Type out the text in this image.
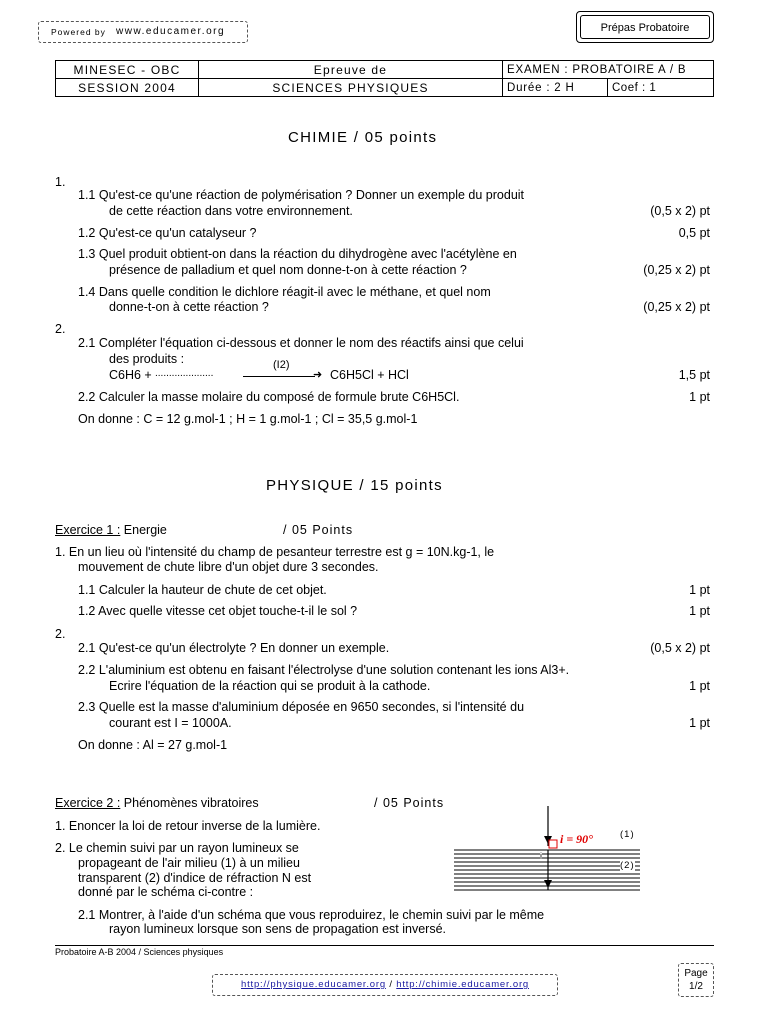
Powered by www.educamer.org	Prépas Probatoire
MINESEC - OBC	Epreuve de	EXAMEN : PROBATOIRE A / B	
SESSION 2004	SCIENCES PHYSIQUES	Durée : 2 H	Coef : 1
CHIMIE / 05 points
1.
1.1 Qu'est-ce qu'une réaction de polymérisation ? Donner un exemple du produit
de cette réaction dans votre environnement.	(0,5 x 2) pt
1.2 Qu'est-ce qu'un catalyseur ?	0,5 pt
1.3 Quel produit obtient-on dans la réaction du dihydrogène avec l'acétylène en
présence de palladium et quel nom donne-t-on à cette réaction ?	(0,25 x 2) pt
1.4 Dans quelle condition le dichlore réagit-il avec le méthane, et quel nom
donne-t-on à cette réaction ?	(0,25 x 2) pt
2.
2.1 Compléter l'équation ci-dessous et donner le nom des réactifs ainsi que celui
des produits :
C6H6 + .....................
(I2)
➜ C6H5Cl + HCl	1,5 pt
2.2 Calculer la masse molaire du composé de formule brute C6H5Cl.	1 pt
On donne : C = 12 g.mol-1 ; H = 1 g.mol-1 ; Cl = 35,5 g.mol-1
PHYSIQUE / 15 points
Exercice 1 : Energie	/ 05 Points
1. En un lieu où l'intensité du champ de pesanteur terrestre est g = 10N.kg-1, le
mouvement de chute libre d'un objet dure 3 secondes.
1.1 Calculer la hauteur de chute de cet objet.	1 pt
1.2 Avec quelle vitesse cet objet touche-t-il le sol ?	1 pt
2.
2.1 Qu'est-ce qu'un électrolyte ? En donner un exemple.	(0,5 x 2) pt
2.2 L'aluminium est obtenu en faisant l'électrolyse d'une solution contenant les ions Al3+.
Ecrire l'équation de la réaction qui se produit à la cathode.	1 pt
2.3 Quelle est la masse d'aluminium déposée en 9650 secondes, si l'intensité du
courant est I = 1000A.	1 pt
On donne : Al = 27 g.mol-1
Exercice 2 : Phénomènes vibratoires	/ 05 Points
1. Enoncer la loi de retour inverse de la lumière.
2. Le chemin suivi par un rayon lumineux se
propageant de l'air milieu (1) à un milieu
transparent (2) d'indice de réfraction N est
donné par le schéma ci-contre :
2.1 Montrer, à l'aide d'un schéma que vous reproduirez, le chemin suivi par le même
rayon lumineux lorsque son sens de propagation est inversé.
i = 90°	(1)
(2)
i
Probatoire A-B 2004 / Sciences physiques
http://physique.educamer.org / http://chimie.educamer.org
Page
1/2
